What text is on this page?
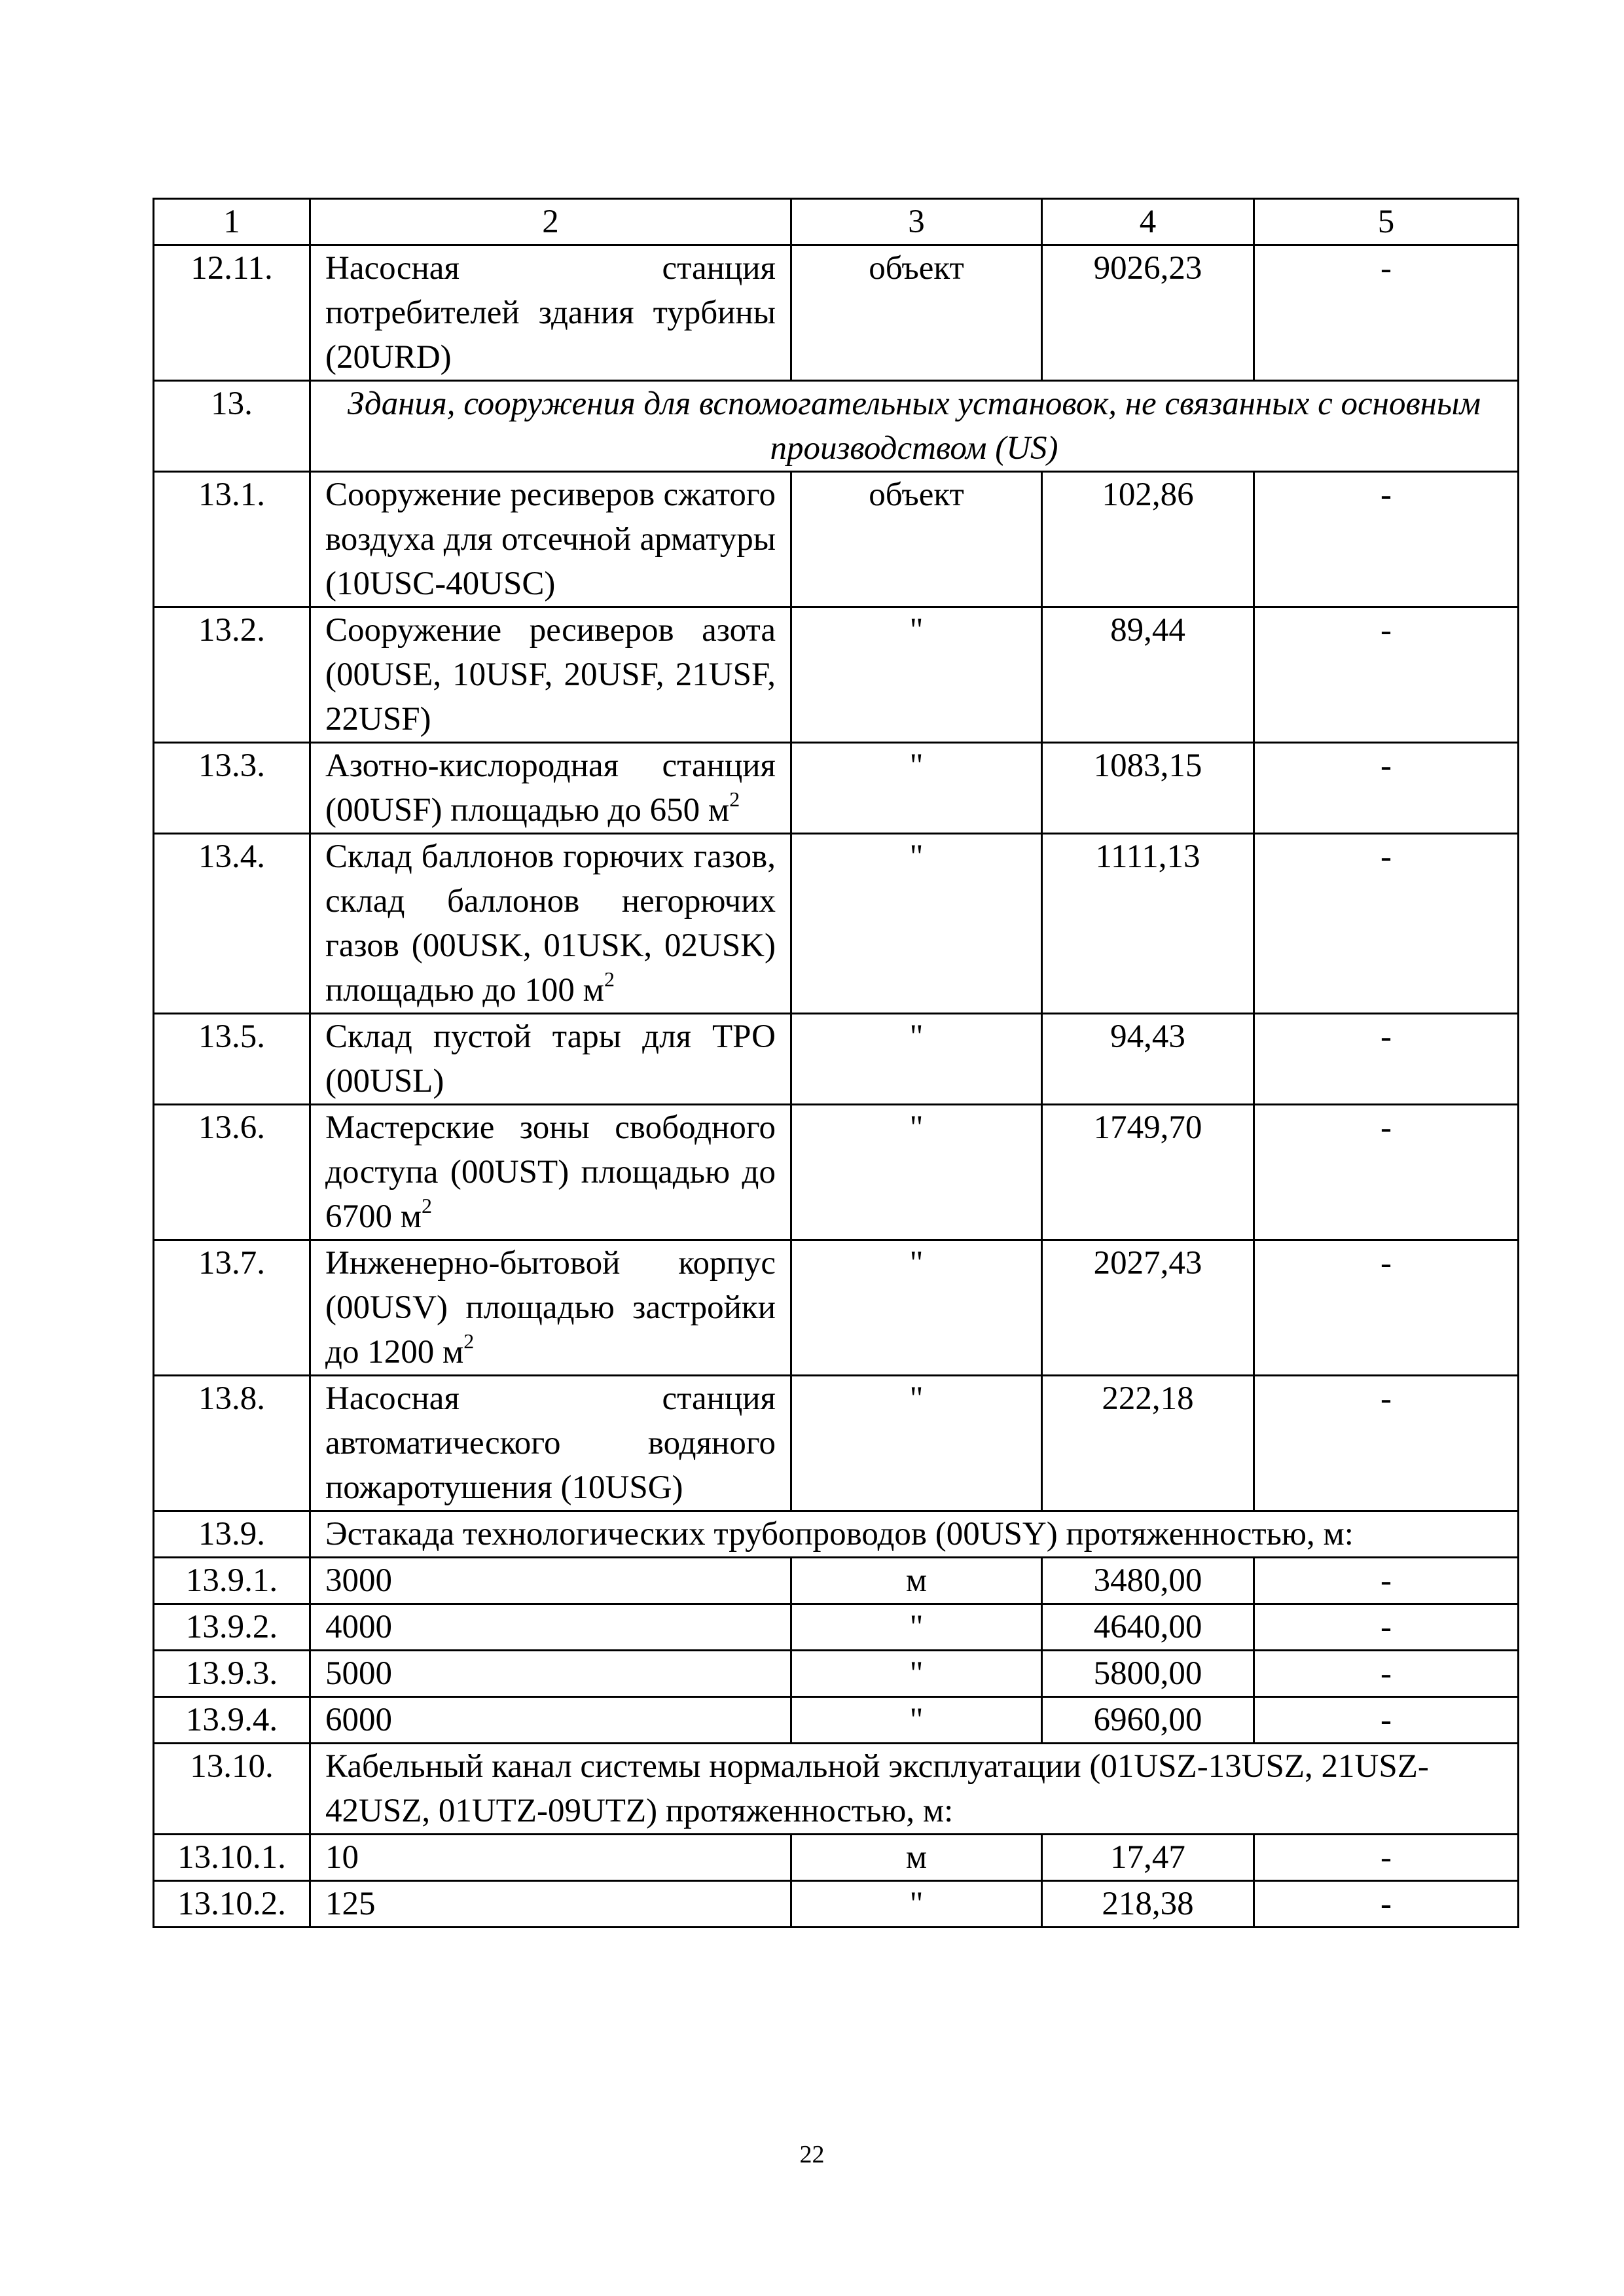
1	2	3	4	5
12.11.	Насосная станция потребителей здания турбины (20URD)	объект	9026,23	-
13.	Здания, сооружения для вспомогательных установок, не связанных с основным производством (US)			
13.1.	Сооружение ресиверов сжатого воздуха для отсечной арматуры (10USC-40USC)	объект	102,86	-
13.2.	Сооружение ресиверов азота (00USE, 10USF, 20USF, 21USF, 22USF)	"	89,44	-
13.3.	Азотно-кислородная станция (00USF) площадью до 650 $м^2$	"	1083,15	-
13.4.	Склад баллонов горючих газов, склад баллонов негорючих газов (00USK, 01USK, 02USK) площадью до 100 $м^2$	"	1111,13	-
13.5.	Склад пустой тары для ТРО (00USL)	"	94,43	-
13.6.	Мастерские зоны свободного доступа (00UST) площадью до 6700 $м^2$	"	1749,70	-
13.7.	Инженерно-бытовой корпус (00USV) площадью застройки до 1200 $м^2$	"	2027,43	-
13.8.	Насосная станция автоматического водяного пожаротушения (10USG)	"	222,18	-
13.9.	Эстакада технологических трубопроводов (00USY) протяженностью, м:			
13.9.1.	3000	м	3480,00	-
13.9.2.	4000	"	4640,00	-
13.9.3.	5000	"	5800,00	-
13.9.4.	6000	"	6960,00	-
13.10.	Кабельный канал системы нормальной эксплуатации (01USZ-13USZ, 21USZ-42USZ, 01UTZ-09UTZ) протяженностью, м:			
13.10.1.	10	м	17,47	-
13.10.2.	125	"	218,38	-
22
